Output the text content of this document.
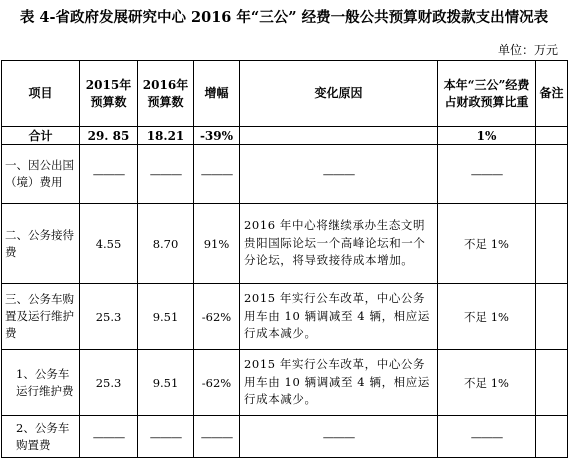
表 4-省政府发展研究中心 2016 年“三公” 经费一般公共预算财政拨款支出情况表
单位：万元
项目	2015年预算数	2016年预算数	增幅	变化原因	本年“三公”经费占财政预算比重	备注
合计	29. 85	18.21	-39%		1%	
一、因公出国（境）费用	———	———	———	———	———	
二、公务接待费	4.55	8.70	91%	2016 年中心将继续承办生态文明贵阳国际论坛一个高峰论坛和一个分论坛，将导致接待成本增加。	不足 1%	
三、公务车购置及运行维护费	25.3	9.51	-62%	2015 年实行公车改革，中心公务用车由 10 辆调减至 4 辆，相应运行成本减少。	不足 1%	
1、公务车运行维护费	25.3	9.51	-62%	2015 年实行公车改革，中心公务用车由 10 辆调减至 4 辆，相应运行成本减少。	不足 1%	
2、公务车购置费	———	———	———	———	———	
